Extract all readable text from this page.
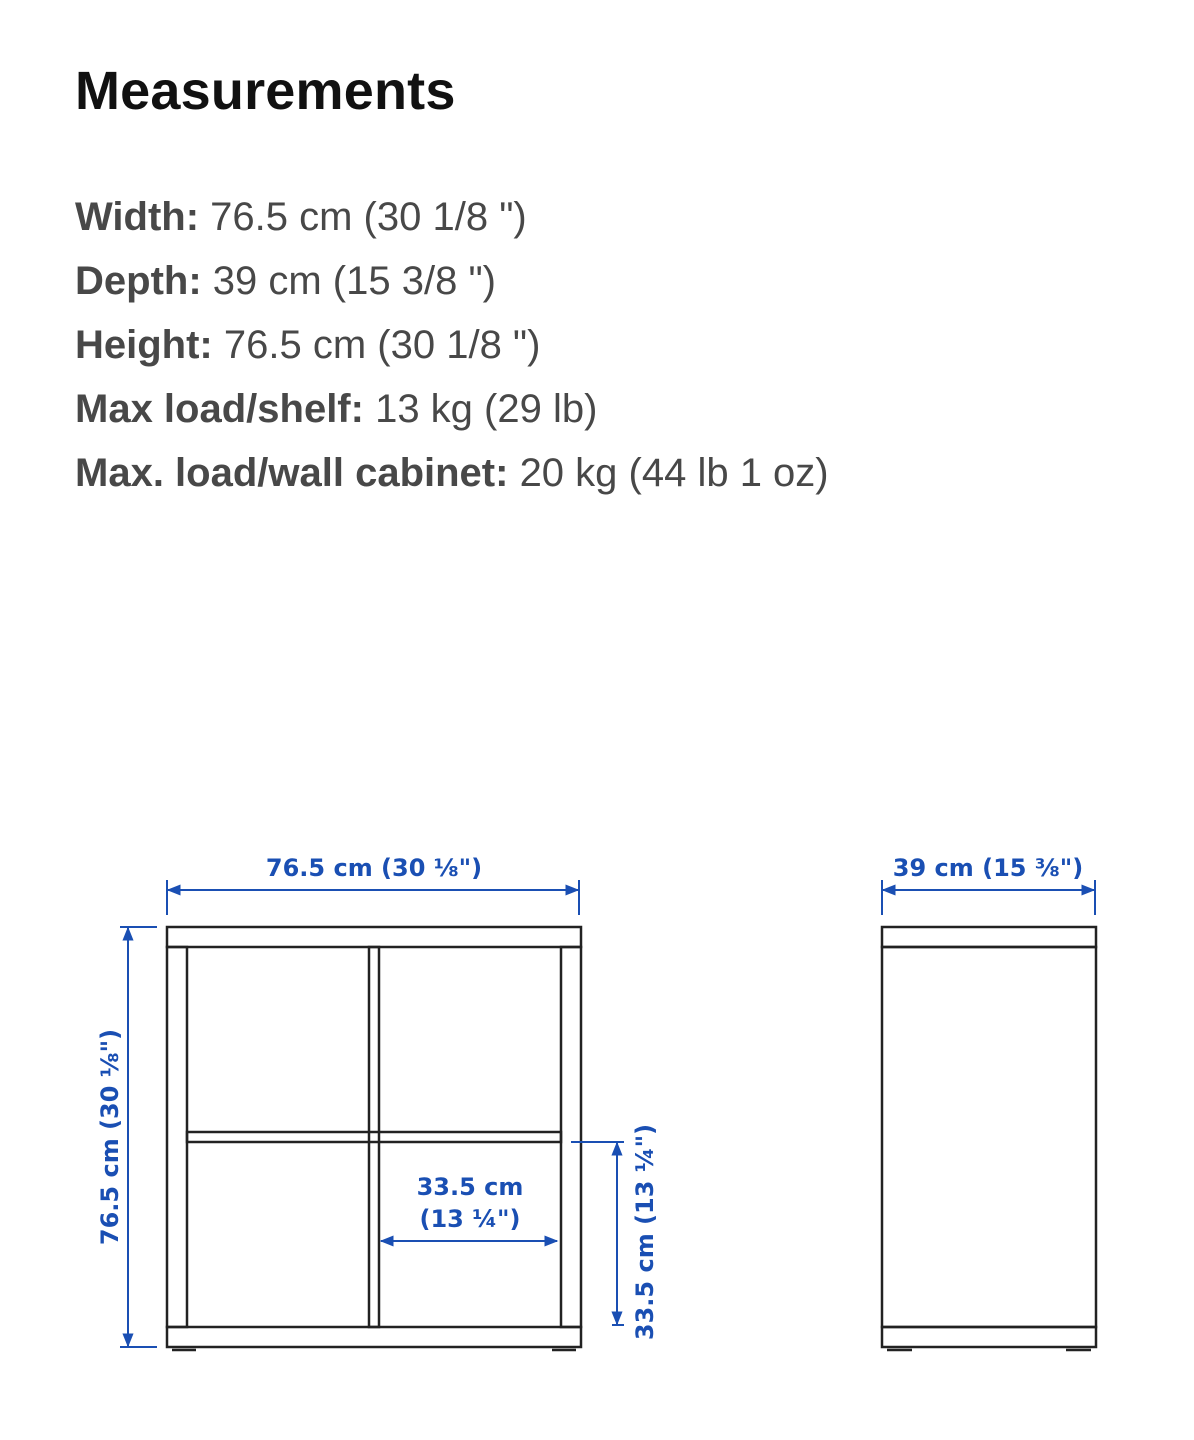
Measurements
Width: 76.5 cm (30 1/8 ")
Depth: 39 cm (15 3/8 ")
Height: 76.5 cm (30 1/8 ")
Max load/shelf: 13 kg (29 lb)
Max. load/wall cabinet: 20 kg (44 lb 1 oz)
76.5 cm (30 ⅛")
76.5 cm (30 ⅛")	33.5 cm
(13 ¼")	33.5 cm (13 ¼")
39 cm (15 ⅜")
